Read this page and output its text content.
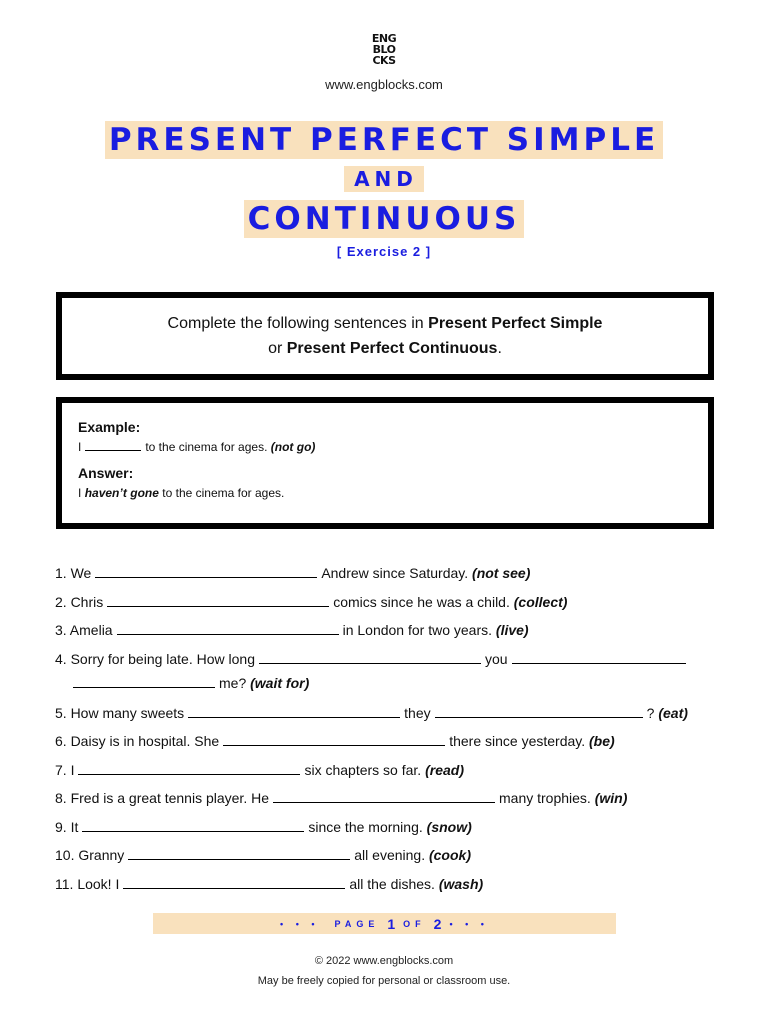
ENG
BLO
CKS
www.engblocks.com
PRESENT PERFECT SIMPLE
AND
CONTINUOUS
[ Exercise 2 ]
Complete the following sentences in Present Perfect Simple
or Present Perfect Continuous.
Example:
I	to the cinema for ages. (not go)
Answer:
I haven’t gone to the cinema for ages.
1. We	Andrew since Saturday. (not see)
2. Chris	comics since he was a child. (collect)
3. Amelia	in London for two years. (live)
4. Sorry for being late. How long	you
me? (wait for)
5. How many sweets	they	? (eat)
6. Daisy is in hospital. She	there since yesterday. (be)
7. I	six chapters so far. (read)
8. Fred is a great tennis player. He	many trophies. (win)
9. It	since the morning. (snow)
10. Granny	all evening. (cook)
11. Look! I	all the dishes. (wash)
• • •
PAGE 1 OF 2 • • •
© 2022 www.engblocks.com
May be freely copied for personal or classroom use.
